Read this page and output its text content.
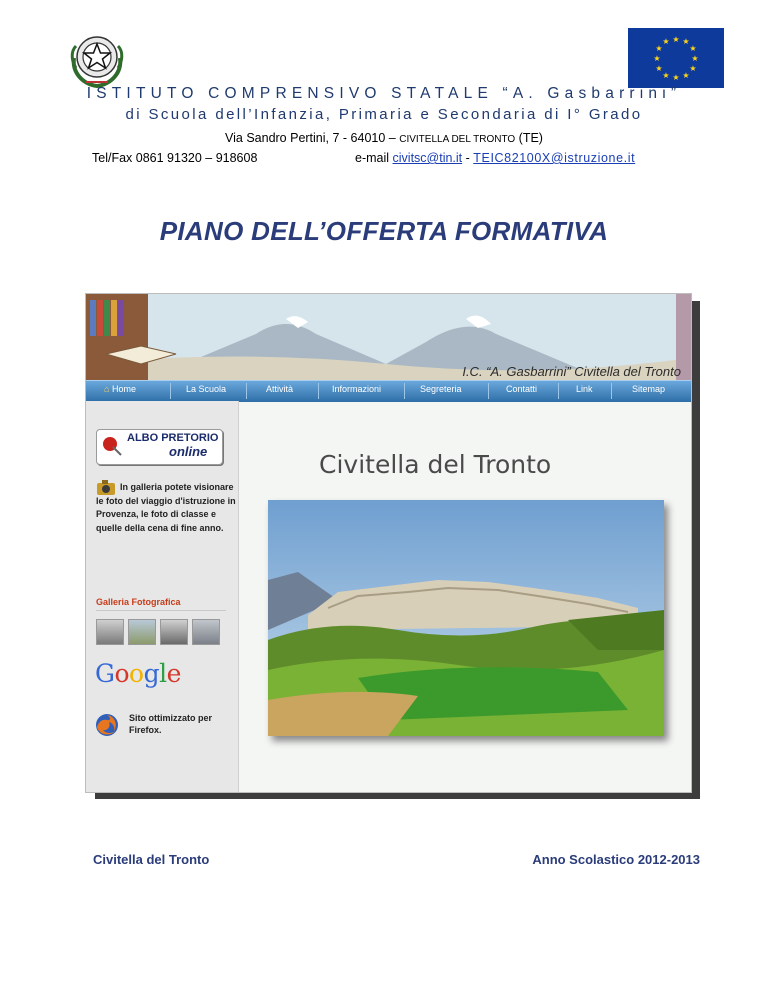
★ ★
★
★
★
★
★
★
★
★
★
★
ISTITUTO COMPRENSIVO STATALE “A. Gasbarrini”
di Scuola dell’Infanzia, Primaria e Secondaria di I° Grado
Via Sandro Pertini, 7 - 64010 – CIVITELLA DEL TRONTO (TE)
Tel/Fax 0861 91320 – 918608	e-mail civitsc@tin.it - TEIC82100X@istruzione.it
PIANO DELL’OFFERTA FORMATIVA
I.C. “A. Gasbarrini” Civitella del Tronto
⌂ Home	La Scuola	Attività	Informazioni	Segreteria	Contatti	Link	Sitemap
ALBO PRETORIO
online
In galleria potete visionare le foto del viaggio d'istruzione in Provenza, le foto di classe e quelle della cena di fine anno.
Galleria Fotografica
Google
Sito ottimizzato per Firefox.
Civitella del Tronto
Civitella del Tronto	Anno Scolastico 2012-2013
